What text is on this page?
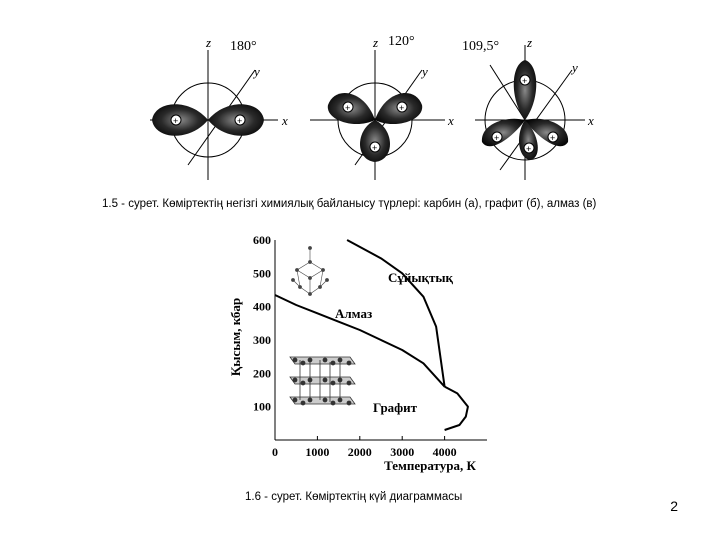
+	+
z 180°
y
x
+	+
+
z 120°
y
x
+
+	+
+
z
109,5°
y
x
1.5 - сурет. Көміртектің негізгі химиялық байланысу түрлері: карбин (а), графит (б), алмаз (в)
Қысым, кбар
Температура, К
Сұйықтық
Алмаз
Графит
0 1000 2000 3000 4000
100
200
300
400
500
600
1.6 - сурет. Көміртектің күй диаграммасы
2
